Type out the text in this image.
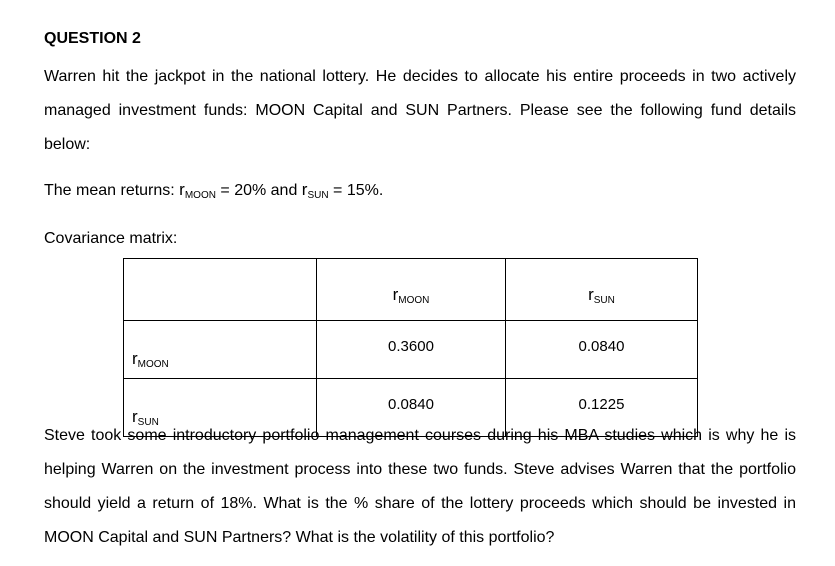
QUESTION 2
Warren hit the jackpot in the national lottery. He decides to allocate his entire proceeds in two actively managed investment funds: MOON Capital and SUN Partners. Please see the following fund details below:
The mean returns: $r_{MOON} = 20\%$ and $r_{SUN} = 15\%$.
Covariance matrix:
	$r_{MOON}$	$r_{SUN}$
$r_{MOON}$	0.3600	0.0840
$r_{SUN}$	0.0840	0.1225
Steve took some introductory portfolio management courses during his MBA studies which is why he is helping Warren on the investment process into these two funds. Steve advises Warren that the portfolio should yield a return of 18%. What is the % share of the lottery proceeds which should be invested in MOON Capital and SUN Partners? What is the volatility of this portfolio?
